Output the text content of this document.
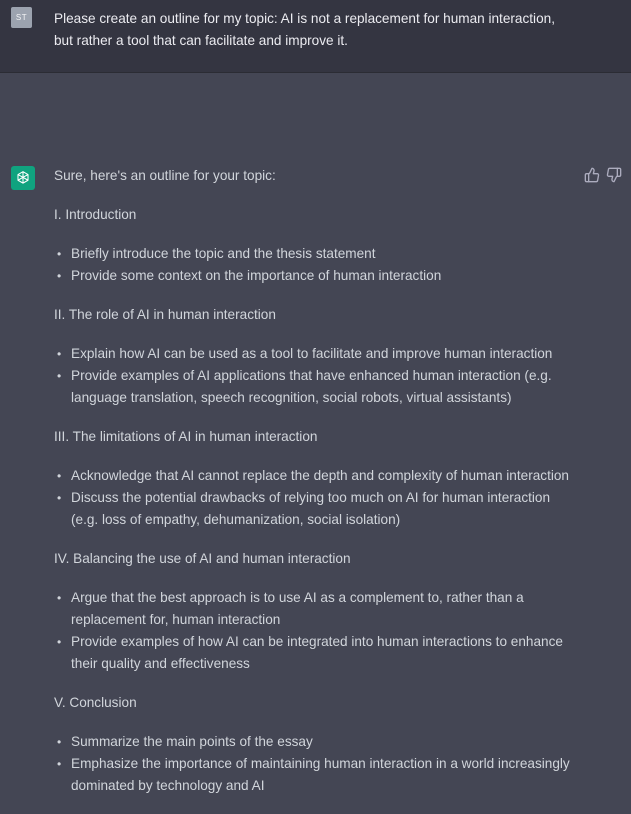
ST	Please create an outline for my topic: AI is not a replacement for human interaction, but rather a tool that can facilitate and improve it.

Sure, here's an outline for your topic:

I. Introduction

• Briefly introduce the topic and the thesis statement
• Provide some context on the importance of human interaction

II. The role of AI in human interaction

• Explain how AI can be used as a tool to facilitate and improve human interaction
• Provide examples of AI applications that have enhanced human interaction (e.g. language translation, speech recognition, social robots, virtual assistants)

III. The limitations of AI in human interaction

• Acknowledge that AI cannot replace the depth and complexity of human interaction
• Discuss the potential drawbacks of relying too much on AI for human interaction (e.g. loss of empathy, dehumanization, social isolation)

IV. Balancing the use of AI and human interaction

• Argue that the best approach is to use AI as a complement to, rather than a replacement for, human interaction
• Provide examples of how AI can be integrated into human interactions to enhance their quality and effectiveness

V. Conclusion

• Summarize the main points of the essay
• Emphasize the importance of maintaining human interaction in a world increasingly dominated by technology and AI
